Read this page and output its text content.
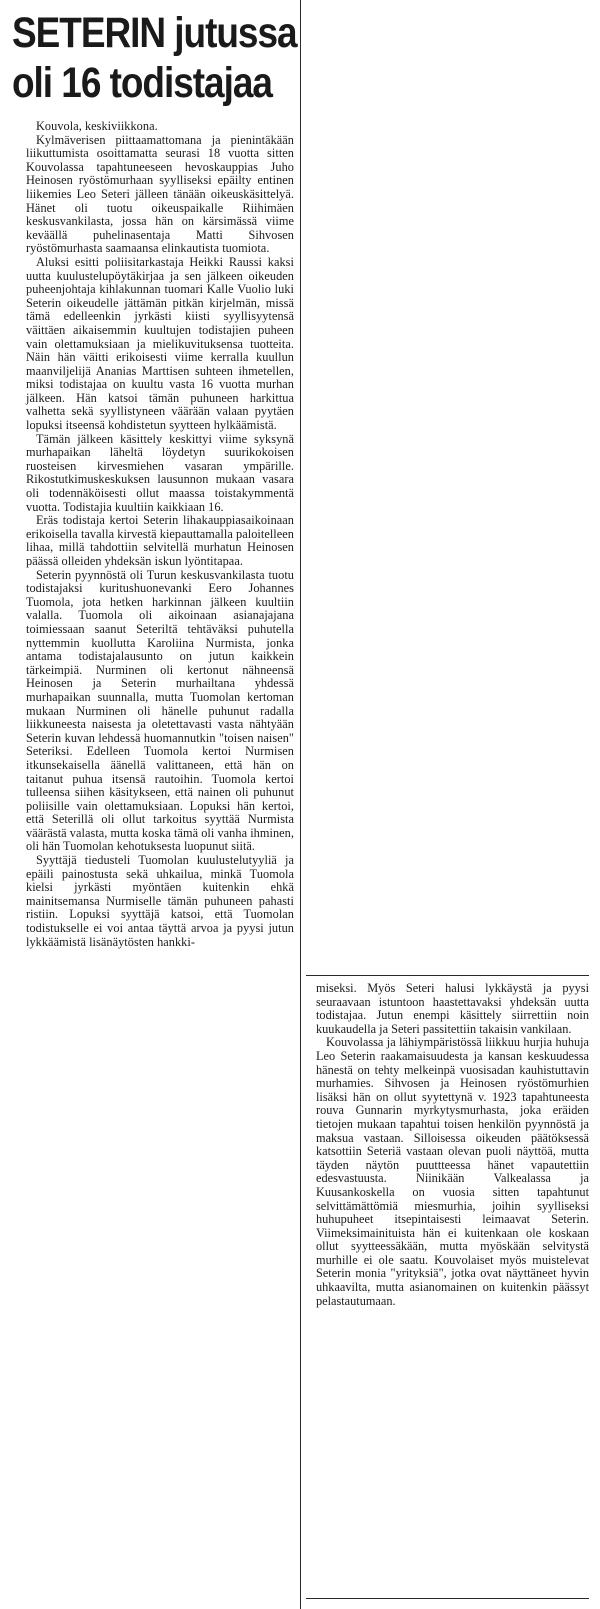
SETERIN jutussa
oli 16 todistajaa

Kouvola, keskiviikkona.

Kylmäverisen piittaamattomana ja pienintäkään liikuttumista osoittamatta seurasi 18 vuotta sitten Kouvolassa tapahtuneeseen hevoskauppias Juho Heinosen ryöstömurhaan syylliseksi epäilty entinen liikemies Leo Seteri jälleen tänään oikeuskäsittelyä. Hänet oli tuotu oikeuspaikalle Riihimäen keskusvankilasta, jossa hän on kärsimässä viime keväällä puhelinasentaja Matti Sihvosen ryöstömurhasta saamaansa elinkautista tuomiota.

Aluksi esitti poliisitarkastaja Heikki Raussi kaksi uutta kuulustelupöytäkirjaa ja sen jälkeen oikeuden puheenjohtaja kihlakunnan tuomari Kalle Vuolio luki Seterin oikeudelle jättämän pitkän kirjelmän, missä tämä edelleenkin jyrkästi kiisti syyllisyytensä väittäen aikaisemmin kuultujen todistajien puheen vain olettamuksiaan ja mielikuvituksensa tuotteita. Näin hän väitti erikoisesti viime kerralla kuullun maanviljelijä Ananias Marttisen suhteen ihmetellen, miksi todistajaa on kuultu vasta 16 vuotta murhan jälkeen. Hän katsoi tämän puhuneen harkittua valhetta sekä syyllistyneen väärään valaan pyytäen lopuksi itseensä kohdistetun syytteen hylkäämistä.

Tämän jälkeen käsittely keskittyi viime syksynä murhapaikan läheltä löydetyn suurikokoisen ruosteisen kirvesmiehen vasaran ympärille. Rikostutkimuskeskuksen lausunnon mukaan vasara oli todennäköisesti ollut maassa toistakymmentä vuotta. Todistajia kuultiin kaikkiaan 16.

Eräs todistaja kertoi Seterin lihakauppiasaikoinaan erikoisella tavalla kirvestä kiepauttamalla paloitelleen lihaa, millä tahdottiin selvitellä murhatun Heinosen päässä olleiden yhdeksän iskun lyöntitapaa.

Seterin pyynnöstä oli Turun keskusvankilasta tuotu todistajaksi kuritushuonevanki Eero Johannes Tuomola, jota hetken harkinnan jälkeen kuultiin valalla. Tuomola oli aikoinaan asianajajana toimiessaan saanut Seteriltä tehtäväksi puhutella nyttemmin kuollutta Karoliina Nurmista, jonka antama todistajalausunto on jutun kaikkein tärkeimpiä. Nurminen oli kertonut nähneensä Heinosen ja Seterin murhailtana yhdessä murhapaikan suunnalla, mutta Tuomolan kertoman mukaan Nurminen oli hänelle puhunut radalla liikkuneesta naisesta ja oletettavasti vasta nähtyään Seterin kuvan lehdessä huomannutkin "toisen naisen" Seteriksi. Edelleen Tuomola kertoi Nurmisen itkunsekaisella äänellä valittaneen, että hän on taitanut puhua itsensä rautoihin. Tuomola kertoi tulleensa siihen käsitykseen, että nainen oli puhunut poliisille vain olettamuksiaan. Lopuksi hän kertoi, että Seterillä oli ollut tarkoitus syyttää Nurmista väärästä valasta, mutta koska tämä oli vanha ihminen, oli hän Tuomolan kehotuksesta luopunut siitä.

Syyttäjä tiedusteli Tuomolan kuulustelutyyliä ja epäili painostusta sekä uhkailua, minkä Tuomola kielsi jyrkästi myöntäen kuitenkin ehkä mainitsemansa Nurmiselle tämän puhuneen pahasti ristiin. Lopuksi syyttäjä katsoi, että Tuomolan todistukselle ei voi antaa täyttä arvoa ja pyysi jutun lykkäämistä lisänäytösten hankki-

miseksi. Myös Seteri halusi lykkäystä ja pyysi seuraavaan istuntoon haastettavaksi yhdeksän uutta todistajaa. Jutun enempi käsittely siirrettiin noin kuukaudella ja Seteri passitettiin takaisin vankilaan.

Kouvolassa ja lähiympäristössä liikkuu hurjia huhuja Leo Seterin raakamaisuudesta ja kansan keskuudessa hänestä on tehty melkeinpä vuosisadan kauhistuttavin murhamies. Sihvosen ja Heinosen ryöstömurhien lisäksi hän on ollut syytettynä v. 1923 tapahtuneesta rouva Gunnarin myrkytysmurhasta, joka eräiden tietojen mukaan tapahtui toisen henkilön pyynnöstä ja maksua vastaan. Silloisessa oikeuden päätöksessä katsottiin Seteriä vastaan olevan puoli näyttöä, mutta täyden näytön puuttteessa hänet vapautettiin edesvastuusta. Niinikään Valkealassa ja Kuusankoskella on vuosia sitten tapahtunut selvittämättömiä miesmurhia, joihin syylliseksi huhupuheet itsepintaisesti leimaavat Seterin. Viimeksimainituista hän ei kuitenkaan ole koskaan ollut syytteessäkään, mutta myöskään selvitystä murhille ei ole saatu. Kouvolaiset myös muistelevat Seterin monia "yrityksiä", jotka ovat näyttäneet hyvin uhkaavilta, mutta asianomainen on kuitenkin päässyt pelastautumaan.
